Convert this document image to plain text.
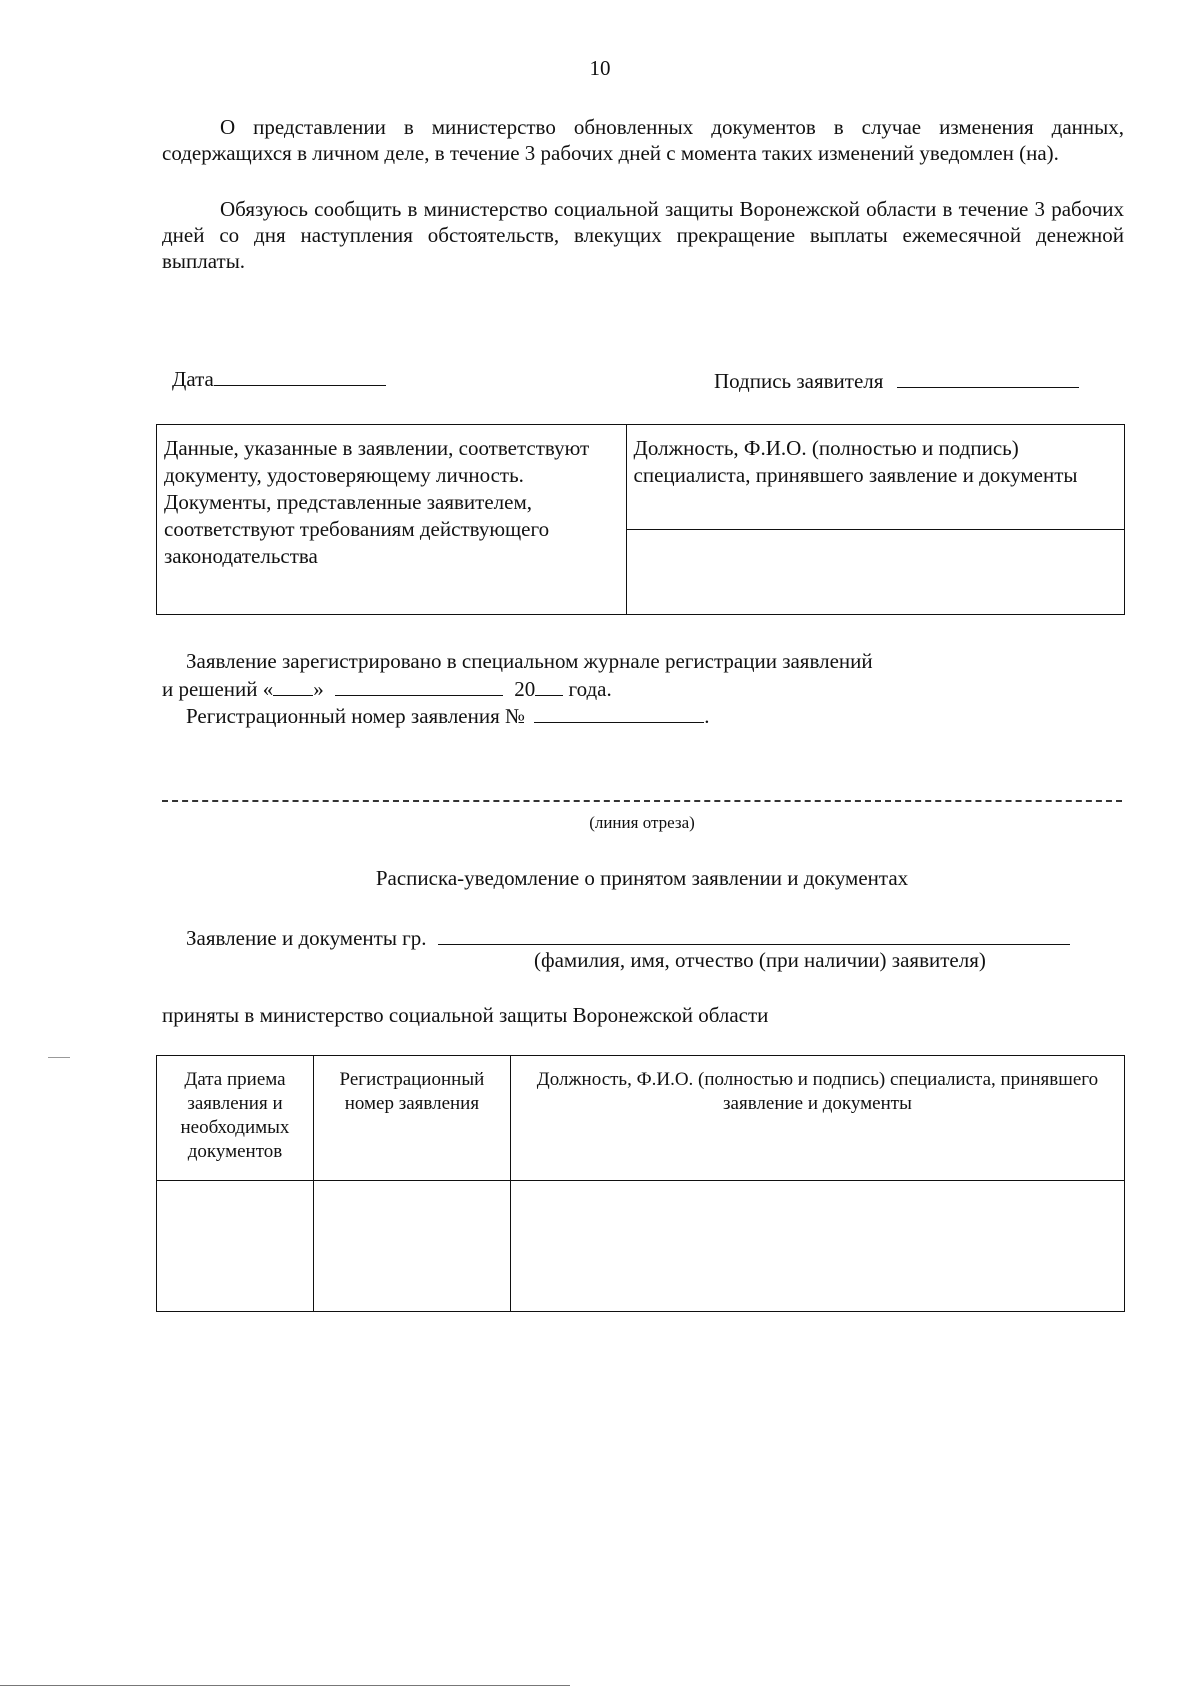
10
О представлении в министерство обновленных документов в случае изменения данных, содержащихся в личном деле, в течение 3 рабочих дней с момента таких изменений уведомлен (на).
Обязуюсь сообщить в министерство социальной защиты Воронежской области в течение 3 рабочих дней со дня наступления обстоятельств, влекущих прекращение выплаты ежемесячной денежной выплаты.
Дата	Подпись заявителя
Данные, указанные в заявлении, соответствуют документу, удостоверяющему личность. Документы, представленные заявителем, соответствуют требованиям действующего законодательства	Должность, Ф.И.О. (полностью и подпись) специалиста, принявшего заявление и документы

Заявление зарегистрировано в специальном журнале регистрации заявлений
и решений « »	20 года.
Регистрационный номер заявления №	.
(линия отреза)
Расписка-уведомление о принятом заявлении и документах
Заявление и документы гр.
(фамилия, имя, отчество (при наличии) заявителя)
приняты в министерство социальной защиты Воронежской области
Дата приема заявления и необходимых документов	Регистрационный номер заявления	Должность, Ф.И.О. (полностью и подпись) специалиста, принявшего заявление и документы
